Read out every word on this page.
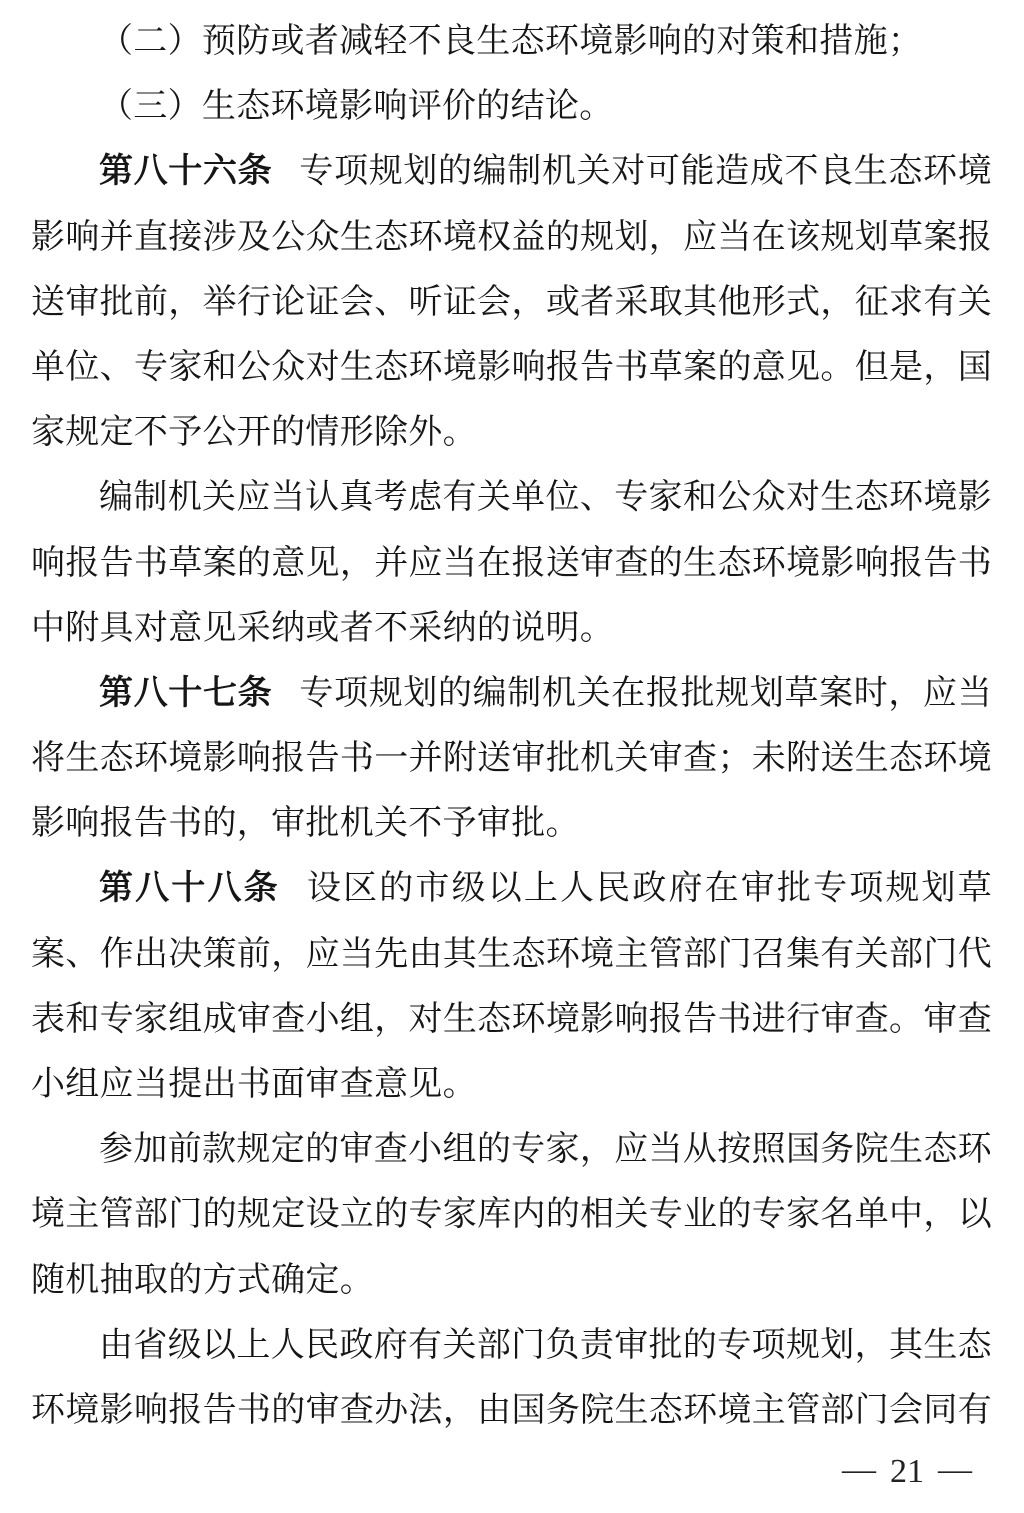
（二）预防或者减轻不良生态环境影响的对策和措施；
（三）生态环境影响评价的结论。
第八十六条 专项规划的编制机关对可能造成不良生态环境
影响并直接涉及公众生态环境权益的规划，应当在该规划草案报
送审批前，举行论证会、听证会，或者采取其他形式，征求有关
单位、专家和公众对生态环境影响报告书草案的意见。但是，国
家规定不予公开的情形除外。
编制机关应当认真考虑有关单位、专家和公众对生态环境影
响报告书草案的意见，并应当在报送审查的生态环境影响报告书
中附具对意见采纳或者不采纳的说明。
第八十七条 专项规划的编制机关在报批规划草案时，应当
将生态环境影响报告书一并附送审批机关审查；未附送生态环境
影响报告书的，审批机关不予审批。
第八十八条 设区的市级以上人民政府在审批专项规划草
案、作出决策前，应当先由其生态环境主管部门召集有关部门代
表和专家组成审查小组，对生态环境影响报告书进行审查。审查
小组应当提出书面审查意见。
参加前款规定的审查小组的专家，应当从按照国务院生态环
境主管部门的规定设立的专家库内的相关专业的专家名单中，以
随机抽取的方式确定。
由省级以上人民政府有关部门负责审批的专项规划，其生态
环境影响报告书的审查办法，由国务院生态环境主管部门会同有
— 21 —
